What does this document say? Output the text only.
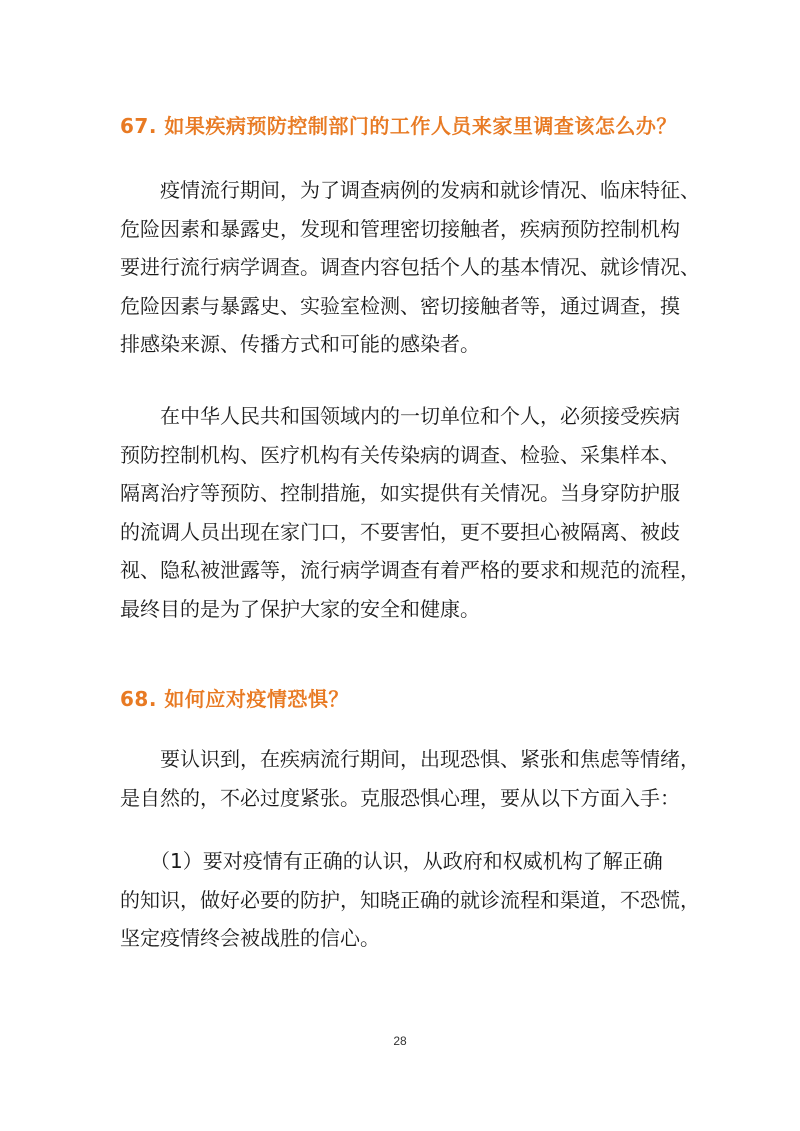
67. 如果疾病预防控制部门的工作人员来家里调查该怎么办？
　　疫情流行期间，为了调查病例的发病和就诊情况、临床特征、
危险因素和暴露史，发现和管理密切接触者，疾病预防控制机构
要进行流行病学调查。调查内容包括个人的基本情况、就诊情况、
危险因素与暴露史、实验室检测、密切接触者等，通过调查，摸
排感染来源、传播方式和可能的感染者。
　　在中华人民共和国领域内的一切单位和个人，必须接受疾病
预防控制机构、医疗机构有关传染病的调查、检验、采集样本、
隔离治疗等预防、控制措施，如实提供有关情况。当身穿防护服
的流调人员出现在家门口，不要害怕，更不要担心被隔离、被歧
视、隐私被泄露等，流行病学调查有着严格的要求和规范的流程，
最终目的是为了保护大家的安全和健康。
68. 如何应对疫情恐惧？
　　要认识到，在疾病流行期间，出现恐惧、紧张和焦虑等情绪，
是自然的，不必过度紧张。克服恐惧心理，要从以下方面入手：
　　（1）要对疫情有正确的认识，从政府和权威机构了解正确
的知识，做好必要的防护，知晓正确的就诊流程和渠道，不恐慌，
坚定疫情终会被战胜的信心。
28
